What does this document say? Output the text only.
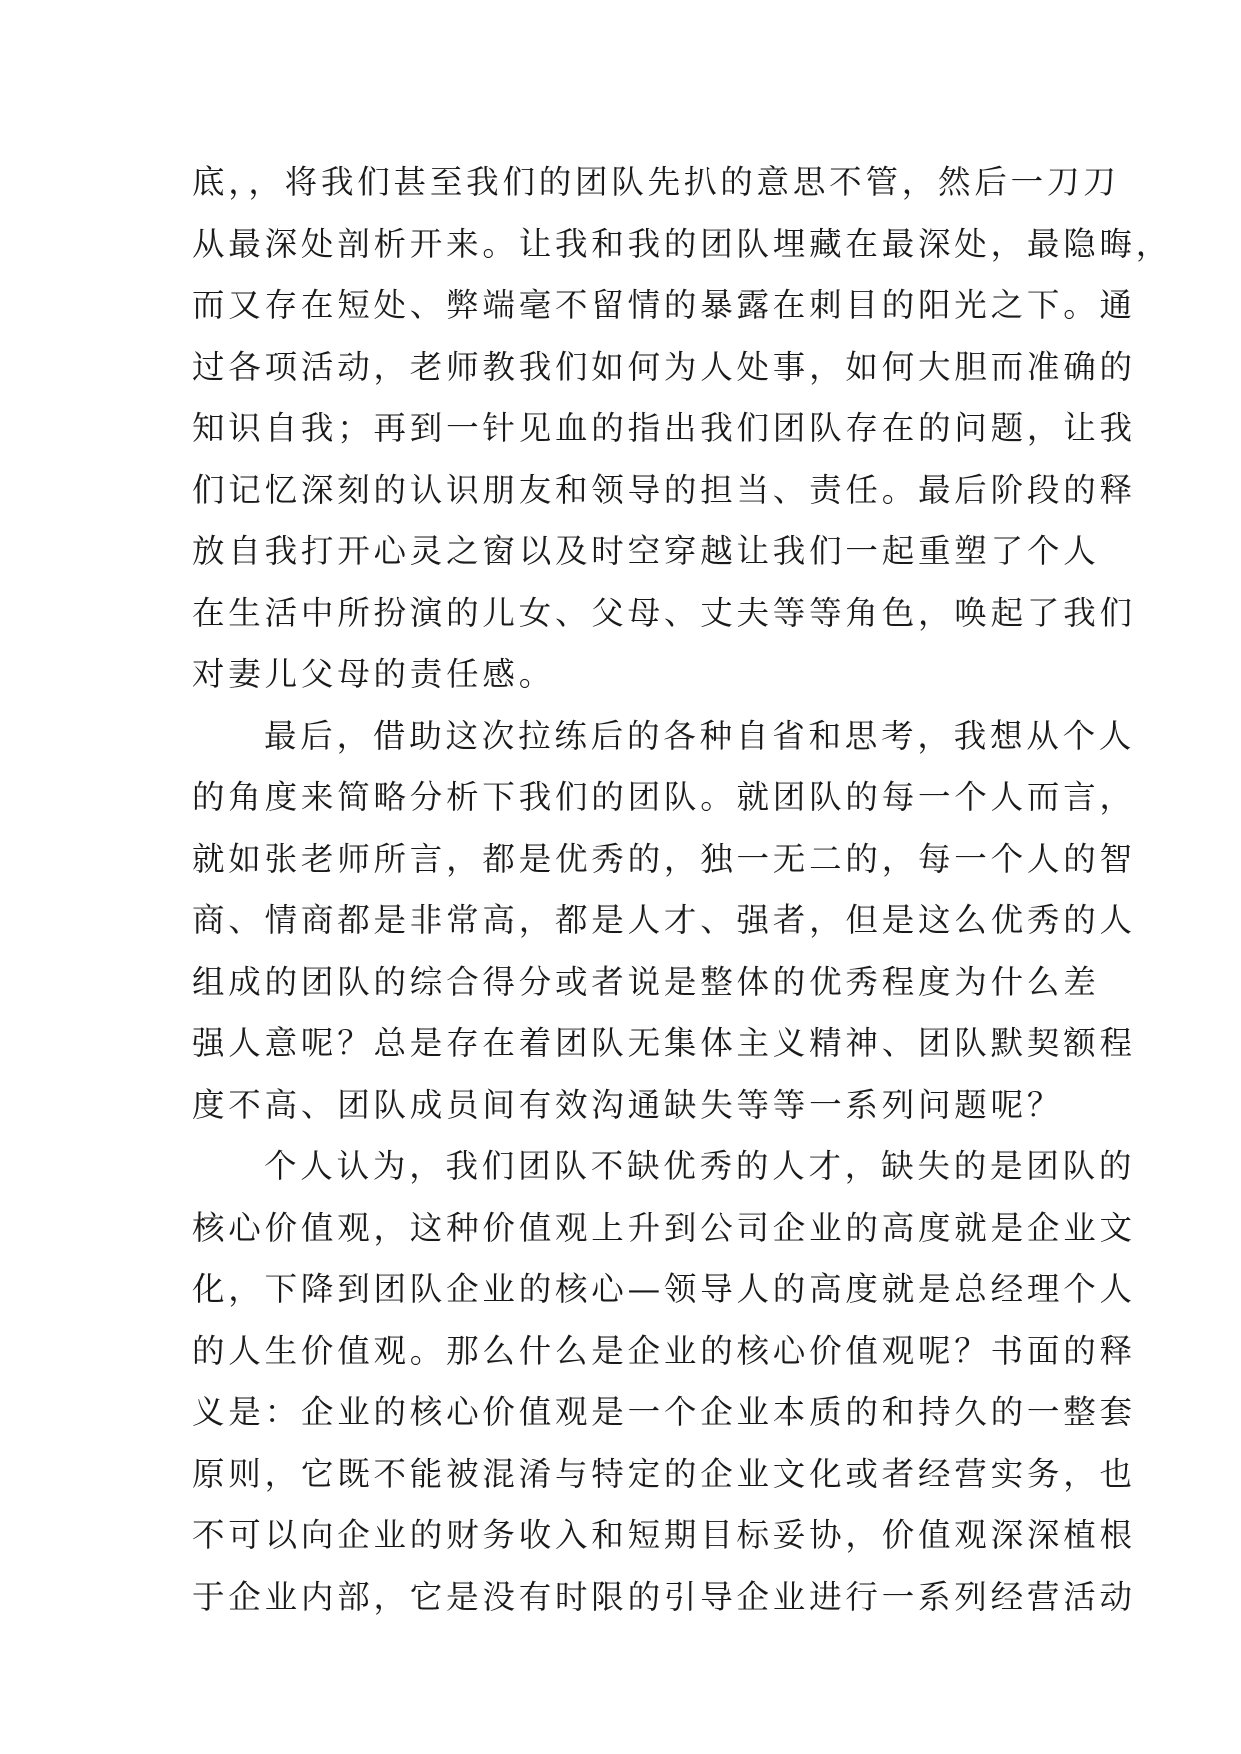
底，，将我们甚至我们的团队先扒的意思不管，然后一刀刀
从最深处剖析开来。让我和我的团队埋藏在最深处，最隐晦，
而又存在短处、弊端毫不留情的暴露在刺目的阳光之下。通
过各项活动，老师教我们如何为人处事，如何大胆而准确的
知识自我；再到一针见血的指出我们团队存在的问题，让我
们记忆深刻的认识朋友和领导的担当、责任。最后阶段的释
放自我打开心灵之窗以及时空穿越让我们一起重塑了个人
在生活中所扮演的儿女、父母、丈夫等等角色，唤起了我们
对妻儿父母的责任感。
最后，借助这次拉练后的各种自省和思考，我想从个人
的角度来简略分析下我们的团队。就团队的每一个人而言，
就如张老师所言，都是优秀的，独一无二的，每一个人的智
商、情商都是非常高，都是人才、强者，但是这么优秀的人
组成的团队的综合得分或者说是整体的优秀程度为什么差
强人意呢？总是存在着团队无集体主义精神、团队默契额程
度不高、团队成员间有效沟通缺失等等一系列问题呢？
个人认为，我们团队不缺优秀的人才，缺失的是团队的
核心价值观，这种价值观上升到公司企业的高度就是企业文
化，下降到团队企业的核心—领导人的高度就是总经理个人
的人生价值观。那么什么是企业的核心价值观呢？书面的释
义是：企业的核心价值观是一个企业本质的和持久的一整套
原则，它既不能被混淆与特定的企业文化或者经营实务，也
不可以向企业的财务收入和短期目标妥协，价值观深深植根
于企业内部，它是没有时限的引导企业进行一系列经营活动
